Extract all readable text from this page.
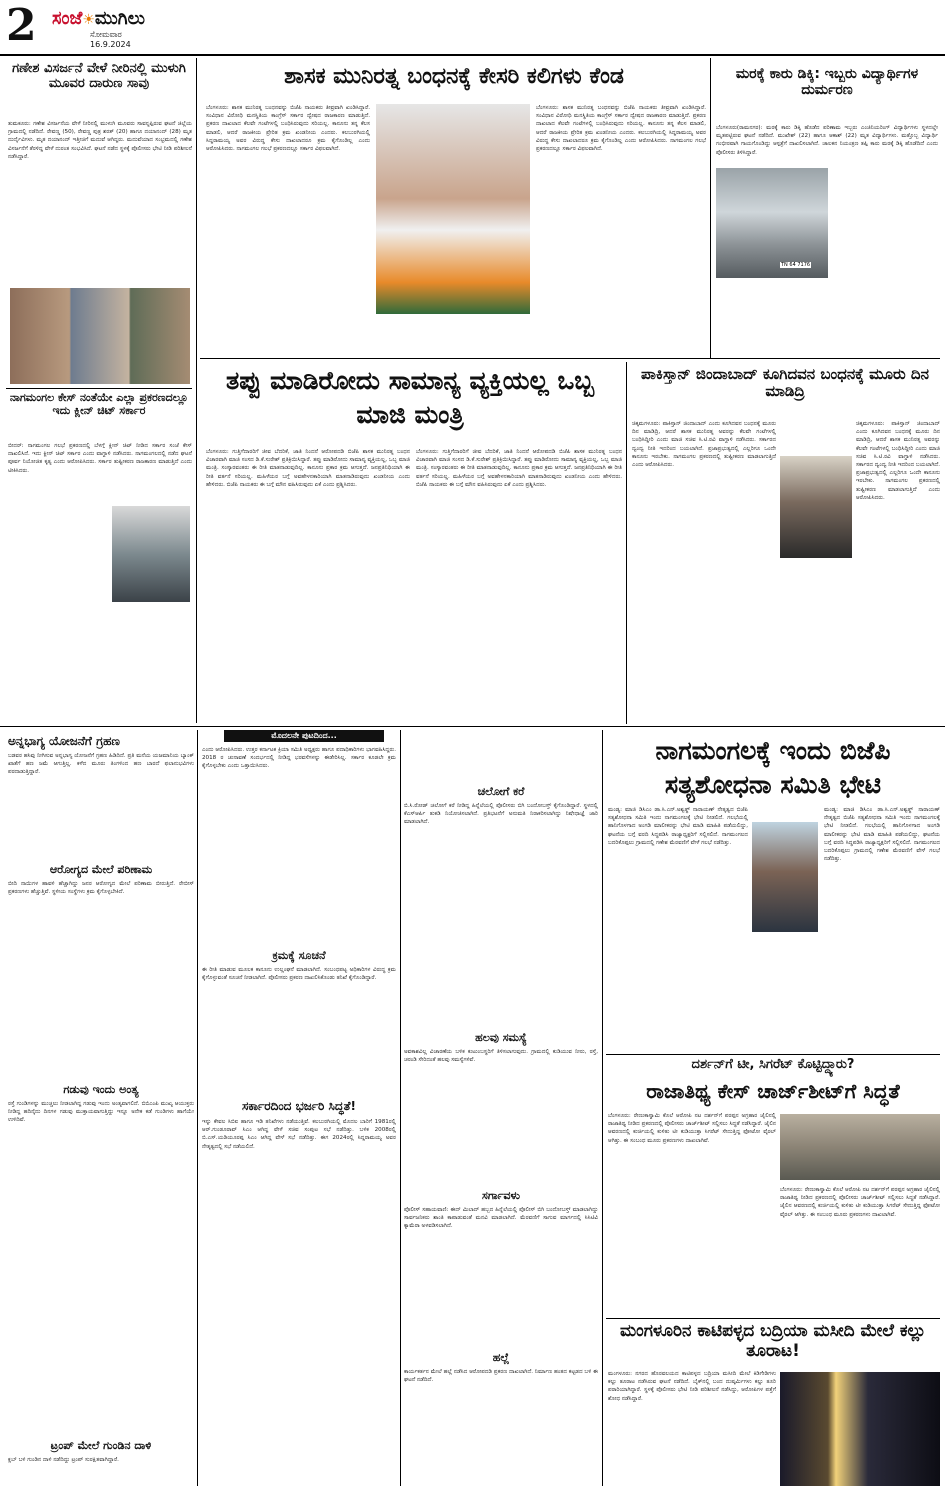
2 ಸಂಜೆ☀ಮುಗಿಲು
ಸೋಮವಾರ
16.9.2024
ಗಣೇಶ ವಿಸರ್ಜನೆ ವೇಳೆ ನೀರಿನಲ್ಲಿ ಮುಳುಗಿ ಮೂವರ ದಾರುಣ ಸಾವು
ತುಮಕೂರು: ಗಣೇಶ ವಿಸರ್ಜನೆಯ ವೇಳೆ ನೀರಿನಲ್ಲಿ ಮುಳುಗಿ ಮೂವರು ಸಾವನ್ನಪ್ಪಿರುವ ಘಟನೆ ಜಿಲ್ಲೆಯ ಗ್ರಾಮದಲ್ಲಿ ನಡೆದಿದೆ. ರೇವಣ್ಣ (50), ರೇವಣ್ಣ ಪುತ್ರ ಶರತ್ (20) ಹಾಗೂ ದಯಾನಂದ್ (28) ಮೃತ ದುರ್ದೈವಿಗಳು. ಮೃತ ದಯಾನಂದ್ ಇತ್ತೀಚಿಗೆ ಮದುವೆ ಆಗಿದ್ದರು. ಮದುವೆಯಾದ ಸಂಭ್ರಮದಲ್ಲಿ ಗಣೇಶ ವಿಸರ್ಜನೆಗೆ ತೆರಳಿದ್ದ ವೇಳೆ ದುರಂತ ಸಂಭವಿಸಿದೆ. ಘಟನೆ ನಡೆದ ಸ್ಥಳಕ್ಕೆ ಪೊಲೀಸರು ಭೇಟಿ ನೀಡಿ ಪರಿಶೀಲನೆ ನಡೆಸಿದ್ದಾರೆ.
ನಾಗಮಂಗಲ ಕೇಸ್ ನಂತೆಯೇ ಎಲ್ಲಾ ಪ್ರಕರಣದಲ್ಲೂ ಇದು ಕ್ಲೀನ್ ಚಿಟ್ ಸರ್ಕಾರ
ಬೀದರ್: ನಾಗಮಂಗಲ ಗಲಭೆ ಪ್ರಕರಣದಲ್ಲಿ ಬೆಳಗ್ಗೆ ಕ್ಲೀನ್ ಚಿಟ್ ನೀಡಿದ ಸರ್ಕಾರ ಸಂಜೆ ಕೇಸ್ ದಾಖಲಿಸಿದೆ. ಇದು ಕ್ಲೀನ್ ಚಿಟ್ ಸರ್ಕಾರ ಎಂದು ವಾಗ್ದಾಳಿ ನಡೆಸಿದರು. ನಾಗಮಂಗಲದಲ್ಲಿ ನಡೆದ ಘಟನೆ ಪೂರ್ವ ನಿಯೋಜಿತ ಕೃತ್ಯ ಎಂದು ಆರೋಪಿಸಿದರು. ಸರ್ಕಾರ ತುಷ್ಟೀಕರಣ ರಾಜಕಾರಣ ಮಾಡುತ್ತಿದೆ ಎಂದು ಟೀಕಿಸಿದರು.
ಶಾಸಕ ಮುನಿರತ್ನ ಬಂಧನಕ್ಕೆ ಕೇಸರಿ ಕಲಿಗಳು ಕೆಂಡ
ಬೆಂಗಳೂರು: ಶಾಸಕ ಮುನಿರತ್ನ ಬಂಧನವನ್ನು ಬಿಜೆಪಿ ನಾಯಕರು ತೀವ್ರವಾಗಿ ಖಂಡಿಸಿದ್ದಾರೆ. ಸಂವಿಧಾನ ವಿರೋಧಿ ಮನಸ್ಥಿತಿಯ ಕಾಂಗ್ರೆಸ್ ಸರ್ಕಾರ ದ್ವೇಷದ ರಾಜಕಾರಣ ಮಾಡುತ್ತಿದೆ. ಪ್ರಕರಣ ದಾಖಲಾದ ಕೆಲವೇ ಗಂಟೆಗಳಲ್ಲಿ ಬಂಧಿಸಿರುವುದು ಸರಿಯಲ್ಲ. ಕಾನೂನು ತನ್ನ ಕೆಲಸ ಮಾಡಲಿ, ಆದರೆ ರಾಜಕೀಯ ಪ್ರೇರಿತ ಕ್ರಮ ಖಂಡನೀಯ ಎಂದರು. ಕಲಬುರಗಿಯಲ್ಲಿ ಸಿದ್ದರಾಮಯ್ಯ ಅವರ ವಿರುದ್ಧ ಕೇಸು ದಾಖಲಾದರೂ ಕ್ರಮ ಕೈಗೊಂಡಿಲ್ಲ ಎಂದು ಆರೋಪಿಸಿದರು. ನಾಗಮಂಗಲ ಗಲಭೆ ಪ್ರಕರಣದಲ್ಲೂ ಸರ್ಕಾರ ವಿಫಲವಾಗಿದೆ.
ಬೆಂಗಳೂರು: ಶಾಸಕ ಮುನಿರತ್ನ ಬಂಧನವನ್ನು ಬಿಜೆಪಿ ನಾಯಕರು ತೀವ್ರವಾಗಿ ಖಂಡಿಸಿದ್ದಾರೆ. ಸಂವಿಧಾನ ವಿರೋಧಿ ಮನಸ್ಥಿತಿಯ ಕಾಂಗ್ರೆಸ್ ಸರ್ಕಾರ ದ್ವೇಷದ ರಾಜಕಾರಣ ಮಾಡುತ್ತಿದೆ. ಪ್ರಕರಣ ದಾಖಲಾದ ಕೆಲವೇ ಗಂಟೆಗಳಲ್ಲಿ ಬಂಧಿಸಿರುವುದು ಸರಿಯಲ್ಲ. ಕಾನೂನು ತನ್ನ ಕೆಲಸ ಮಾಡಲಿ, ಆದರೆ ರಾಜಕೀಯ ಪ್ರೇರಿತ ಕ್ರಮ ಖಂಡನೀಯ ಎಂದರು. ಕಲಬುರಗಿಯಲ್ಲಿ ಸಿದ್ದರಾಮಯ್ಯ ಅವರ ವಿರುದ್ಧ ಕೇಸು ದಾಖಲಾದರೂ ಕ್ರಮ ಕೈಗೊಂಡಿಲ್ಲ ಎಂದು ಆರೋಪಿಸಿದರು. ನಾಗಮಂಗಲ ಗಲಭೆ ಪ್ರಕರಣದಲ್ಲೂ ಸರ್ಕಾರ ವಿಫಲವಾಗಿದೆ.
ಮರಕ್ಕೆ ಕಾರು ಡಿಕ್ಕಿ: ಇಬ್ಬರು ವಿದ್ಯಾರ್ಥಿಗಳ ದುರ್ಮರಣ
ಬೆಂಗಳೂರು(ರಾಮನಗರ): ಮರಕ್ಕೆ ಕಾರು ಡಿಕ್ಕಿ ಹೊಡೆದ ಪರಿಣಾಮ ಇಬ್ಬರು ಎಂಜಿನಿಯರಿಂಗ್ ವಿದ್ಯಾರ್ಥಿಗಳು ಸ್ಥಳದಲ್ಲೇ ಮೃತಪಟ್ಟಿರುವ ಘಟನೆ ನಡೆದಿದೆ. ಮುಖೇಶ್ (22) ಹಾಗೂ ಆಕಾಶ್ (22) ಮೃತ ವಿದ್ಯಾರ್ಥಿಗಳು. ಮತ್ತೊಬ್ಬ ವಿದ್ಯಾರ್ಥಿ ಗಂಭೀರವಾಗಿ ಗಾಯಗೊಂಡಿದ್ದು ಆಸ್ಪತ್ರೆಗೆ ದಾಖಲಿಸಲಾಗಿದೆ. ಚಾಲಕನ ನಿಯಂತ್ರಣ ತಪ್ಪಿ ಕಾರು ಮರಕ್ಕೆ ಡಿಕ್ಕಿ ಹೊಡೆದಿದೆ ಎಂದು ಪೊಲೀಸರು ತಿಳಿಸಿದ್ದಾರೆ.
TN 64 7176
ತಪ್ಪು ಮಾಡಿರೋದು ಸಾಮಾನ್ಯ ವ್ಯಕ್ತಿಯಲ್ಲ ಒಬ್ಬ ಮಾಜಿ ಮಂತ್ರಿ
ಬೆಂಗಳೂರು: ಗುತ್ತಿಗೆದಾರರಿಗೆ ಜೀವ ಬೆದರಿಕೆ, ಜಾತಿ ನಿಂದನೆ ಆರೋಪದಡಿ ಬಿಜೆಪಿ ಶಾಸಕ ಮುನಿರತ್ನ ಬಂಧನ ವಿಚಾರವಾಗಿ ಮಾಜಿ ಸಂಸದ ಡಿ.ಕೆ.ಸುರೇಶ್ ಪ್ರತಿಕ್ರಿಯಿಸಿದ್ದಾರೆ. ತಪ್ಪು ಮಾಡಿರೋದು ಸಾಮಾನ್ಯ ವ್ಯಕ್ತಿಯಲ್ಲ, ಒಬ್ಬ ಮಾಜಿ ಮಂತ್ರಿ. ಸಂಸ್ಕಾರವಂತರು ಈ ರೀತಿ ಮಾತನಾಡುವುದಿಲ್ಲ. ಕಾನೂನು ಪ್ರಕಾರ ಕ್ರಮ ಆಗುತ್ತದೆ. ಜನಪ್ರತಿನಿಧಿಯಾಗಿ ಈ ರೀತಿ ವರ್ತನೆ ಸರಿಯಲ್ಲ. ಮಹಿಳೆಯರ ಬಗ್ಗೆ ಅವಹೇಳನಕಾರಿಯಾಗಿ ಮಾತನಾಡಿರುವುದು ಖಂಡನೀಯ ಎಂದು ಹೇಳಿದರು. ಬಿಜೆಪಿ ನಾಯಕರು ಈ ಬಗ್ಗೆ ಮೌನ ವಹಿಸಿರುವುದು ಏಕೆ ಎಂದು ಪ್ರಶ್ನಿಸಿದರು.
ಬೆಂಗಳೂರು: ಗುತ್ತಿಗೆದಾರರಿಗೆ ಜೀವ ಬೆದರಿಕೆ, ಜಾತಿ ನಿಂದನೆ ಆರೋಪದಡಿ ಬಿಜೆಪಿ ಶಾಸಕ ಮುನಿರತ್ನ ಬಂಧನ ವಿಚಾರವಾಗಿ ಮಾಜಿ ಸಂಸದ ಡಿ.ಕೆ.ಸುರೇಶ್ ಪ್ರತಿಕ್ರಿಯಿಸಿದ್ದಾರೆ. ತಪ್ಪು ಮಾಡಿರೋದು ಸಾಮಾನ್ಯ ವ್ಯಕ್ತಿಯಲ್ಲ, ಒಬ್ಬ ಮಾಜಿ ಮಂತ್ರಿ. ಸಂಸ್ಕಾರವಂತರು ಈ ರೀತಿ ಮಾತನಾಡುವುದಿಲ್ಲ. ಕಾನೂನು ಪ್ರಕಾರ ಕ್ರಮ ಆಗುತ್ತದೆ. ಜನಪ್ರತಿನಿಧಿಯಾಗಿ ಈ ರೀತಿ ವರ್ತನೆ ಸರಿಯಲ್ಲ. ಮಹಿಳೆಯರ ಬಗ್ಗೆ ಅವಹೇಳನಕಾರಿಯಾಗಿ ಮಾತನಾಡಿರುವುದು ಖಂಡನೀಯ ಎಂದು ಹೇಳಿದರು. ಬಿಜೆಪಿ ನಾಯಕರು ಈ ಬಗ್ಗೆ ಮೌನ ವಹಿಸಿರುವುದು ಏಕೆ ಎಂದು ಪ್ರಶ್ನಿಸಿದರು.
ಪಾಕಿಸ್ತಾನ್ ಜಿಂದಾಬಾದ್ ಕೂಗಿದವನ ಬಂಧನಕ್ಕೆ ಮೂರು ದಿನ ಮಾಡಿದ್ರಿ
ಚಿಕ್ಕಮಗಳೂರು: ಪಾಕಿಸ್ತಾನ್ ಜಿಂದಾಬಾದ್ ಎಂದು ಕೂಗಿದವನ ಬಂಧನಕ್ಕೆ ಮೂರು ದಿನ ಮಾಡಿದ್ರಿ, ಆದರೆ ಶಾಸಕ ಮುನಿರತ್ನ ಅವರನ್ನು ಕೆಲವೇ ಗಂಟೆಗಳಲ್ಲಿ ಬಂಧಿಸಿದ್ದೀರಿ ಎಂದು ಮಾಜಿ ಸಚಿವ ಸಿ.ಟಿ.ರವಿ ವಾಗ್ದಾಳಿ ನಡೆಸಿದರು. ಸರ್ಕಾರದ ದ್ವಂದ್ವ ನೀತಿ ಇದರಿಂದ ಬಯಲಾಗಿದೆ. ಪ್ರಜಾಪ್ರಭುತ್ವದಲ್ಲಿ ಎಲ್ಲರಿಗೂ ಒಂದೇ ಕಾನೂನು ಇರಬೇಕು. ನಾಗಮಂಗಲ ಪ್ರಕರಣದಲ್ಲಿ ತುಷ್ಟೀಕರಣ ಮಾಡಲಾಗುತ್ತಿದೆ ಎಂದು ಆರೋಪಿಸಿದರು.
ಚಿಕ್ಕಮಗಳೂರು: ಪಾಕಿಸ್ತಾನ್ ಜಿಂದಾಬಾದ್ ಎಂದು ಕೂಗಿದವನ ಬಂಧನಕ್ಕೆ ಮೂರು ದಿನ ಮಾಡಿದ್ರಿ, ಆದರೆ ಶಾಸಕ ಮುನಿರತ್ನ ಅವರನ್ನು ಕೆಲವೇ ಗಂಟೆಗಳಲ್ಲಿ ಬಂಧಿಸಿದ್ದೀರಿ ಎಂದು ಮಾಜಿ ಸಚಿವ ಸಿ.ಟಿ.ರವಿ ವಾಗ್ದಾಳಿ ನಡೆಸಿದರು. ಸರ್ಕಾರದ ದ್ವಂದ್ವ ನೀತಿ ಇದರಿಂದ ಬಯಲಾಗಿದೆ. ಪ್ರಜಾಪ್ರಭುತ್ವದಲ್ಲಿ ಎಲ್ಲರಿಗೂ ಒಂದೇ ಕಾನೂನು ಇರಬೇಕು. ನಾಗಮಂಗಲ ಪ್ರಕರಣದಲ್ಲಿ ತುಷ್ಟೀಕರಣ ಮಾಡಲಾಗುತ್ತಿದೆ ಎಂದು ಆರೋಪಿಸಿದರು.
ಅನ್ನಭಾಗ್ಯ ಯೋಜನೆಗೆ ಗ್ರಹಣ
ಬಡವರ ಹಸಿವು ನೀಗಿಸುವ ಅನ್ನಭಾಗ್ಯ ಯೋಜನೆಗೆ ಗ್ರಹಣ ಹಿಡಿದಿದೆ. ಪ್ರತಿ ಮನೆಯ ಯಜಮಾನಿಯ ಬ್ಯಾಂಕ್ ಖಾತೆಗೆ ಹಣ ಜಮೆ ಆಗುತ್ತಿಲ್ಲ. ಕಳೆದ ಮೂರು ತಿಂಗಳಿಂದ ಹಣ ಬಾರದೆ ಫಲಾನುಭವಿಗಳು ಪರದಾಡುತ್ತಿದ್ದಾರೆ.
ಆರೋಗ್ಯದ ಮೇಲೆ ಪರಿಣಾಮ
ಬೀದಿ ನಾಯಿಗಳ ಹಾವಳಿ ಹೆಚ್ಚಾಗಿದ್ದು ಜನರ ಆರೋಗ್ಯದ ಮೇಲೆ ಪರಿಣಾಮ ಬೀರುತ್ತಿದೆ. ರೇಬೀಸ್ ಪ್ರಕರಣಗಳು ಹೆಚ್ಚುತ್ತಿವೆ. ಸ್ಥಳೀಯ ಸಂಸ್ಥೆಗಳು ಕ್ರಮ ಕೈಗೊಳ್ಳಬೇಕಿದೆ.
ಗಡುವು ಇಂದು ಅಂತ್ಯ
ರಸ್ತೆ ಗುಂಡಿಗಳನ್ನು ಮುಚ್ಚಲು ನೀಡಲಾಗಿದ್ದ ಗಡುವು ಇಂದು ಅಂತ್ಯವಾಗಲಿದೆ. ಬಿಬಿಎಂಪಿ ಮುಖ್ಯ ಆಯುಕ್ತರು ನೀಡಿದ್ದ ಹದಿನೈದು ದಿನಗಳ ಗಡುವು ಮುಕ್ತಾಯವಾಗುತ್ತಿದ್ದು ಇನ್ನೂ ಅನೇಕ ಕಡೆ ಗುಂಡಿಗಳು ಹಾಗೆಯೇ ಉಳಿದಿವೆ.
ಟ್ರಂಪ್ ಮೇಲೆ ಗುಂಡಿನ ದಾಳಿ
ಕ್ಲಬ್ ಬಳಿ ಗುಂಡಿನ ದಾಳಿ ನಡೆದಿದ್ದು ಟ್ರಂಪ್ ಸುರಕ್ಷಿತವಾಗಿದ್ದಾರೆ.
ಮೊದಲನೇ ಪುಟದಿಂದ...
ಎಂದು ಆರೋಪಿಸಿದರು. ಉತ್ತರ ಕರ್ನಾಟಕ ಕ್ರಿಯಾ ಸಮಿತಿ ಅಧ್ಯಕ್ಷರು ಹಾಗೂ ಪದಾಧಿಕಾರಿಗಳು ಭಾಗವಹಿಸಿದ್ದರು. 2018 ರ ಚುನಾವಣೆ ಸಂದರ್ಭದಲ್ಲಿ ನೀಡಿದ್ದ ಭರವಸೆಗಳನ್ನು ಈಡೇರಿಸಿಲ್ಲ. ಸರ್ಕಾರ ಕೂಡಲೇ ಕ್ರಮ ಕೈಗೊಳ್ಳಬೇಕು ಎಂದು ಒತ್ತಾಯಿಸಿದರು.
ಕ್ರಮಕ್ಕೆ ಸೂಚನೆ
ಈ ರೀತಿ ಮಾಡುವ ಮೂಲಕ ಕಾನೂನು ಉಲ್ಲಂಘನೆ ಮಾಡಲಾಗಿದೆ. ಸಂಬಂಧಪಟ್ಟ ಅಧಿಕಾರಿಗಳ ವಿರುದ್ಧ ಕ್ರಮ ಕೈಗೊಳ್ಳುವಂತೆ ಸೂಚನೆ ನೀಡಲಾಗಿದೆ. ಪೊಲೀಸರು ಪ್ರಕರಣ ದಾಖಲಿಸಿಕೊಂಡು ತನಿಖೆ ಕೈಗೊಂಡಿದ್ದಾರೆ.
ಸರ್ಕಾರದಿಂದ ಭರ್ಜರಿ ಸಿದ್ಧತೆ!
ಇನ್ನು ಕೇವಲ ಸಿಬಿಐ ಹಾಗೂ ಇಡಿ ತನಿಖೆಗಳು ನಡೆಯುತ್ತಿವೆ. ಕಲಬುರಗಿಯಲ್ಲಿ ಮೊದಲ ಬಾರಿಗೆ 1981ರಲ್ಲಿ ಆರ್.ಗುಂಡೂರಾವ್ ಸಿಎಂ ಆಗಿದ್ದ ವೇಳೆ ಸಚಿವ ಸಂಪುಟ ಸಭೆ ನಡೆದಿತ್ತು. ಬಳಿಕ 2008ರಲ್ಲಿ ಬಿ.ಎಸ್.ಯಡಿಯೂರಪ್ಪ ಸಿಎಂ ಆಗಿದ್ದ ವೇಳೆ ಸಭೆ ನಡೆದಿತ್ತು. ಈಗ 2024ರಲ್ಲಿ ಸಿದ್ದರಾಮಯ್ಯ ಅವರ ನೇತೃತ್ವದಲ್ಲಿ ಸಭೆ ನಡೆಯಲಿದೆ.
ಚಲೋಗೆ ಕರೆ
ಬಿ.ಸಿ.ರೋಡ್ ಚಲೋಗೆ ಕರೆ ನೀಡಿದ್ದ ಹಿನ್ನೆಲೆಯಲ್ಲಿ ಪೊಲೀಸರು ಬಿಗಿ ಬಂದೋಬಸ್ತ್ ಕೈಗೊಂಡಿದ್ದಾರೆ. ಸ್ಥಳದಲ್ಲಿ ಕೆಎಸ್ಆರ್ಪಿ ತುಕಡಿ ನಿಯೋಜಿಸಲಾಗಿದೆ. ಪ್ರತಿಭಟನೆಗೆ ಅನುಮತಿ ನಿರಾಕರಿಸಲಾಗಿದ್ದು ನಿಷೇಧಾಜ್ಞೆ ಜಾರಿ ಮಾಡಲಾಗಿದೆ.
ಹಲವು ಸಮಸ್ಯೆ
ಅವಕಾಶವಿಲ್ಲ ವಿಚಾರಣೆಯ ಬಳಿಕ ಕುಟುಂಬಸ್ಥರಿಗೆ ತಿಳಿಸಲಾಗುವುದು. ಗ್ರಾಮದಲ್ಲಿ ಕುಡಿಯುವ ನೀರು, ರಸ್ತೆ, ಚರಂಡಿ ಸೇರಿದಂತೆ ಹಲವು ಸಮಸ್ಯೆಗಳಿವೆ.
ಸರ್ಗಾವಳು
ಪೊಲೀಸ್ ಸಹಾಯವಾಣಿ: ಈದ್ ಮಿಲಾದ್ ಹಬ್ಬದ ಹಿನ್ನೆಲೆಯಲ್ಲಿ ಪೊಲೀಸ್ ಬಿಗಿ ಬಂದೋಬಸ್ತ್ ಮಾಡಲಾಗಿದ್ದು ಸಾರ್ವಜನಿಕರು ಶಾಂತಿ ಕಾಪಾಡುವಂತೆ ಮನವಿ ಮಾಡಲಾಗಿದೆ. ಮೆರವಣಿಗೆ ಸಾಗುವ ಮಾರ್ಗದಲ್ಲಿ ಸಿಸಿಟಿವಿ ಕ್ಯಾಮೆರಾ ಅಳವಡಿಸಲಾಗಿದೆ.
ಹಲ್ಲೆ
ಕಾರ್ಯಕರ್ತನ ಮೇಲೆ ಹಲ್ಲೆ ನಡೆಸಿದ ಆರೋಪದಡಿ ಪ್ರಕರಣ ದಾಖಲಾಗಿದೆ. ನಿರ್ಮಾಣ ಹಂತದ ಕಟ್ಟಡದ ಬಳಿ ಈ ಘಟನೆ ನಡೆದಿದೆ.
ನಾಗಮಂಗಲಕ್ಕೆ ಇಂದು ಬಿಜೆಪಿ ಸತ್ಯಶೋಧನಾ ಸಮಿತಿ ಭೇಟಿ
ಮಂಡ್ಯ: ಮಾಜಿ ಡಿಸಿಎಂ ಡಾ.ಸಿ.ಎನ್.ಅಶ್ವತ್ಥ್ ನಾರಾಯಣ್ ನೇತೃತ್ವದ ಬಿಜೆಪಿ ಸತ್ಯಶೋಧನಾ ಸಮಿತಿ ಇಂದು ನಾಗಮಂಗಲಕ್ಕೆ ಭೇಟಿ ನೀಡಲಿದೆ. ಗಲಭೆಯಲ್ಲಿ ಹಾನಿಗೊಳಗಾದ ಅಂಗಡಿ ಮಾಲೀಕರನ್ನು ಭೇಟಿ ಮಾಡಿ ಮಾಹಿತಿ ಪಡೆಯಲಿದ್ದು, ಘಟನೆಯ ಬಗ್ಗೆ ವರದಿ ಸಿದ್ಧಪಡಿಸಿ ರಾಜ್ಯಾಧ್ಯಕ್ಷರಿಗೆ ಸಲ್ಲಿಸಲಿದೆ. ನಾಗಮಂಗಲದ ಬದರಿಕೊಪ್ಪಲು ಗ್ರಾಮದಲ್ಲಿ ಗಣೇಶ ಮೆರವಣಿಗೆ ವೇಳೆ ಗಲಭೆ ನಡೆದಿತ್ತು.
ಮಂಡ್ಯ: ಮಾಜಿ ಡಿಸಿಎಂ ಡಾ.ಸಿ.ಎನ್.ಅಶ್ವತ್ಥ್ ನಾರಾಯಣ್ ನೇತೃತ್ವದ ಬಿಜೆಪಿ ಸತ್ಯಶೋಧನಾ ಸಮಿತಿ ಇಂದು ನಾಗಮಂಗಲಕ್ಕೆ ಭೇಟಿ ನೀಡಲಿದೆ. ಗಲಭೆಯಲ್ಲಿ ಹಾನಿಗೊಳಗಾದ ಅಂಗಡಿ ಮಾಲೀಕರನ್ನು ಭೇಟಿ ಮಾಡಿ ಮಾಹಿತಿ ಪಡೆಯಲಿದ್ದು, ಘಟನೆಯ ಬಗ್ಗೆ ವರದಿ ಸಿದ್ಧಪಡಿಸಿ ರಾಜ್ಯಾಧ್ಯಕ್ಷರಿಗೆ ಸಲ್ಲಿಸಲಿದೆ. ನಾಗಮಂಗಲದ ಬದರಿಕೊಪ್ಪಲು ಗ್ರಾಮದಲ್ಲಿ ಗಣೇಶ ಮೆರವಣಿಗೆ ವೇಳೆ ಗಲಭೆ ನಡೆದಿತ್ತು.
ದರ್ಶನ್‌ಗೆ ಟೀ, ಸಿಗರೆಟ್ ಕೊಟ್ಟಿದ್ದ್ಯಾರು?
ರಾಜಾತಿಥ್ಯ ಕೇಸ್ ಚಾರ್ಜ್‌ಶೀಟ್‌ಗೆ ಸಿದ್ಧತೆ
ಬೆಂಗಳೂರು: ರೇಣುಕಾಸ್ವಾಮಿ ಕೊಲೆ ಆರೋಪಿ ನಟ ದರ್ಶನ್‌ಗೆ ಪರಪ್ಪನ ಅಗ್ರಹಾರ ಜೈಲಿನಲ್ಲಿ ರಾಜಾತಿಥ್ಯ ನೀಡಿದ ಪ್ರಕರಣದಲ್ಲಿ ಪೊಲೀಸರು ಚಾರ್ಜ್‌ಶೀಟ್ ಸಲ್ಲಿಸಲು ಸಿದ್ಧತೆ ನಡೆಸಿದ್ದಾರೆ. ಜೈಲಿನ ಆವರಣದಲ್ಲಿ ಕುರ್ಚಿಯಲ್ಲಿ ಕುಳಿತು ಟೀ ಕುಡಿಯುತ್ತಾ ಸಿಗರೆಟ್ ಸೇದುತ್ತಿದ್ದ ಫೋಟೋ ವೈರಲ್ ಆಗಿತ್ತು. ಈ ಸಂಬಂಧ ಮೂರು ಪ್ರಕರಣಗಳು ದಾಖಲಾಗಿವೆ.
ಬೆಂಗಳೂರು: ರೇಣುಕಾಸ್ವಾಮಿ ಕೊಲೆ ಆರೋಪಿ ನಟ ದರ್ಶನ್‌ಗೆ ಪರಪ್ಪನ ಅಗ್ರಹಾರ ಜೈಲಿನಲ್ಲಿ ರಾಜಾತಿಥ್ಯ ನೀಡಿದ ಪ್ರಕರಣದಲ್ಲಿ ಪೊಲೀಸರು ಚಾರ್ಜ್‌ಶೀಟ್ ಸಲ್ಲಿಸಲು ಸಿದ್ಧತೆ ನಡೆಸಿದ್ದಾರೆ. ಜೈಲಿನ ಆವರಣದಲ್ಲಿ ಕುರ್ಚಿಯಲ್ಲಿ ಕುಳಿತು ಟೀ ಕುಡಿಯುತ್ತಾ ಸಿಗರೆಟ್ ಸೇದುತ್ತಿದ್ದ ಫೋಟೋ ವೈರಲ್ ಆಗಿತ್ತು. ಈ ಸಂಬಂಧ ಮೂರು ಪ್ರಕರಣಗಳು ದಾಖಲಾಗಿವೆ.
ಮಂಗಳೂರಿನ ಕಾಟಿಪಳ್ಳದ ಬದ್ರಿಯಾ ಮಸೀದಿ ಮೇಲೆ ಕಲ್ಲು ತೂರಾಟ!
ಮಂಗಳೂರು: ನಗರದ ಹೊರವಲಯದ ಕಾಟಿಪಳ್ಳದ ಬದ್ರಿಯಾ ಮಸೀದಿ ಮೇಲೆ ಕಿಡಿಗೇಡಿಗಳು ಕಲ್ಲು ತೂರಾಟ ನಡೆಸಿರುವ ಘಟನೆ ನಡೆದಿದೆ. ಬೈಕ್‌ನಲ್ಲಿ ಬಂದ ದುಷ್ಕರ್ಮಿಗಳು ಕಲ್ಲು ತೂರಿ ಪರಾರಿಯಾಗಿದ್ದಾರೆ. ಸ್ಥಳಕ್ಕೆ ಪೊಲೀಸರು ಭೇಟಿ ನೀಡಿ ಪರಿಶೀಲನೆ ನಡೆಸಿದ್ದು, ಆರೋಪಿಗಳ ಪತ್ತೆಗೆ ಶೋಧ ನಡೆಸಿದ್ದಾರೆ.
